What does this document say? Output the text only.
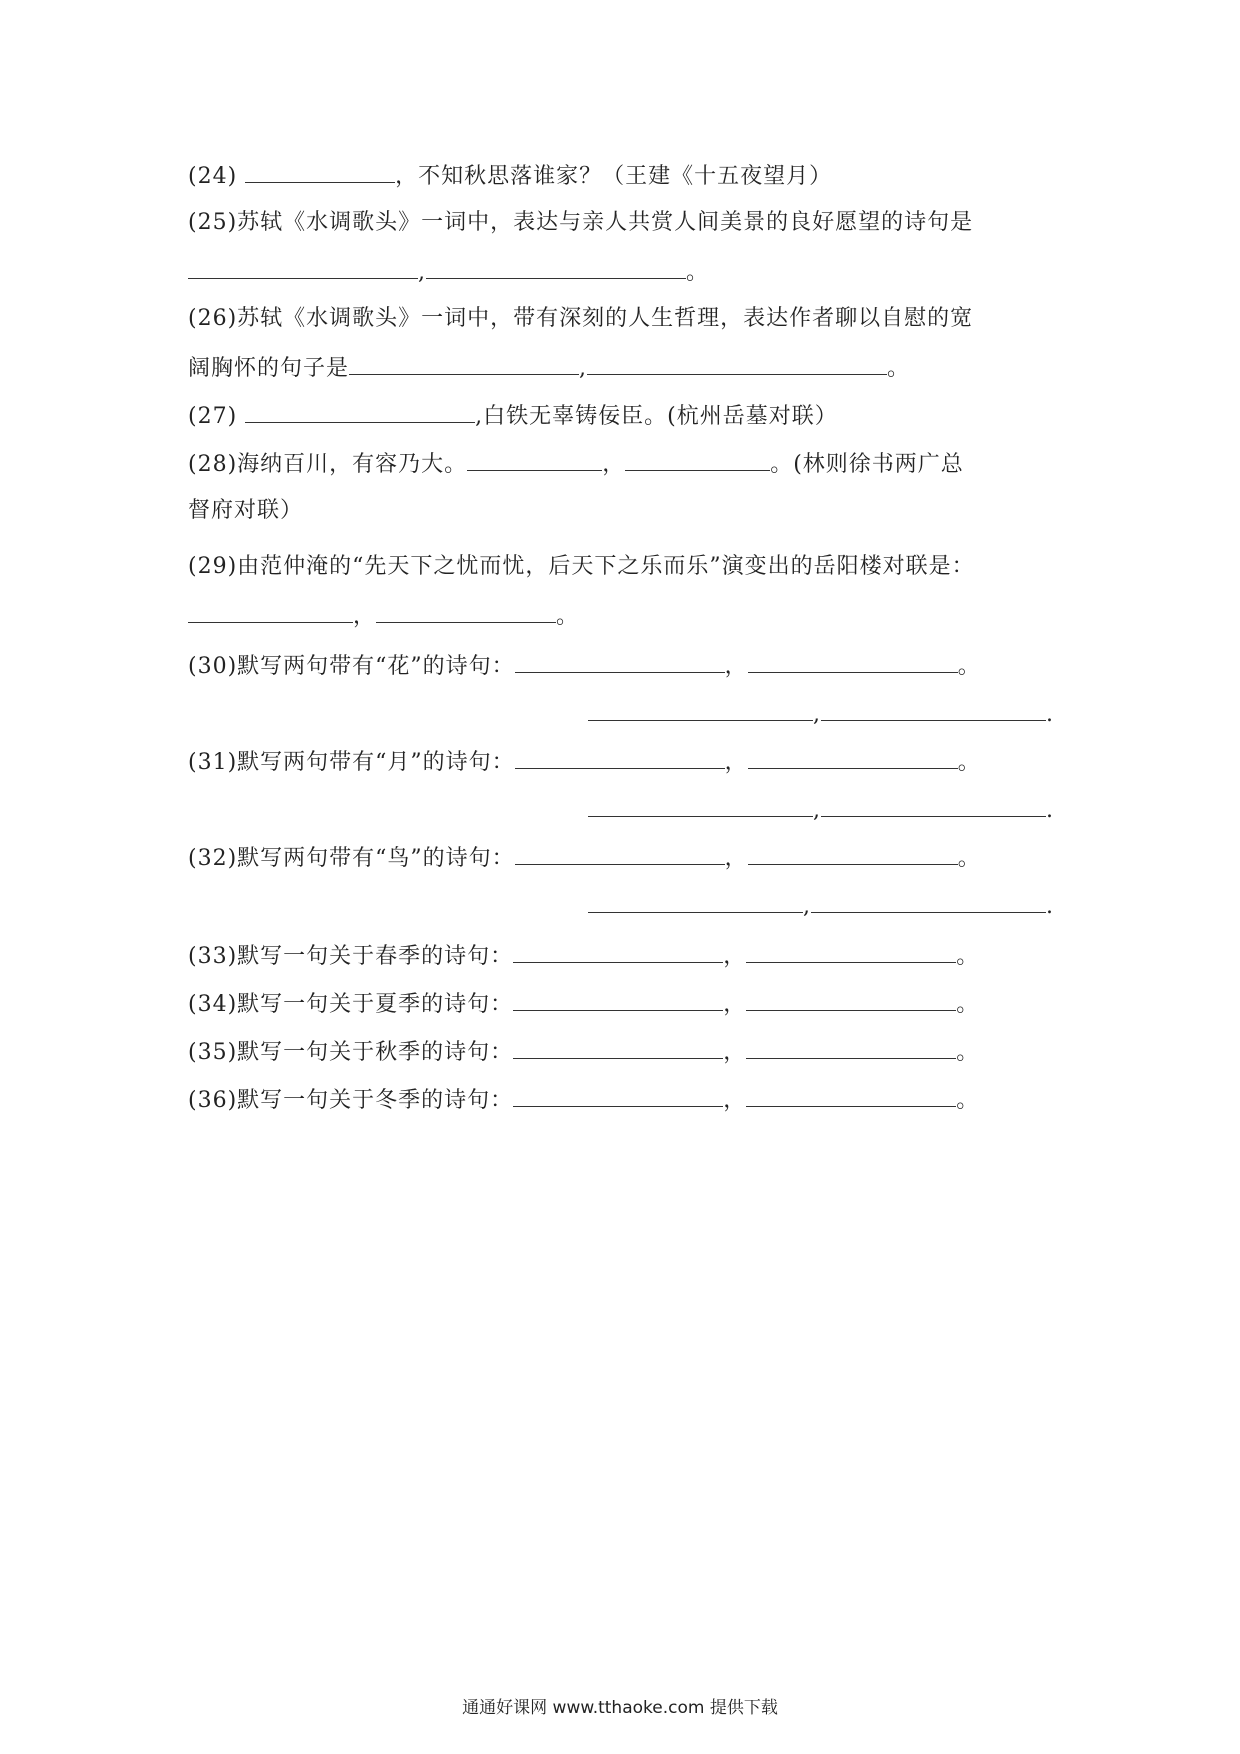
(24)	，不知秋思落谁家？（王建《十五夜望月）
(25)苏轼《水调歌头》一词中，表达与亲人共赏人间美景的良好愿望的诗句是
,	。
(26)苏轼《水调歌头》一词中，带有深刻的人生哲理，表达作者聊以自慰的宽
阔胸怀的句子是	,	。
(27)	,白铁无辜铸佞臣。(杭州岳墓对联）
(28)海纳百川，有容乃大。	，	。(林则徐书两广总
督府对联）
(29)由范仲淹的“先天下之忧而忧，后天下之乐而乐”演变出的岳阳楼对联是：
，	。
(30)默写两句带有“花”的诗句：	，	。
,	.
(31)默写两句带有“月”的诗句：	，	。
,	.
(32)默写两句带有“鸟”的诗句：	，	。
,	.
(33)默写一句关于春季的诗句：	，	。
(34)默写一句关于夏季的诗句：	，	。
(35)默写一句关于秋季的诗句：	，	。
(36)默写一句关于冬季的诗句：	，	。
通通好课网 www.tthaoke.com 提供下载
